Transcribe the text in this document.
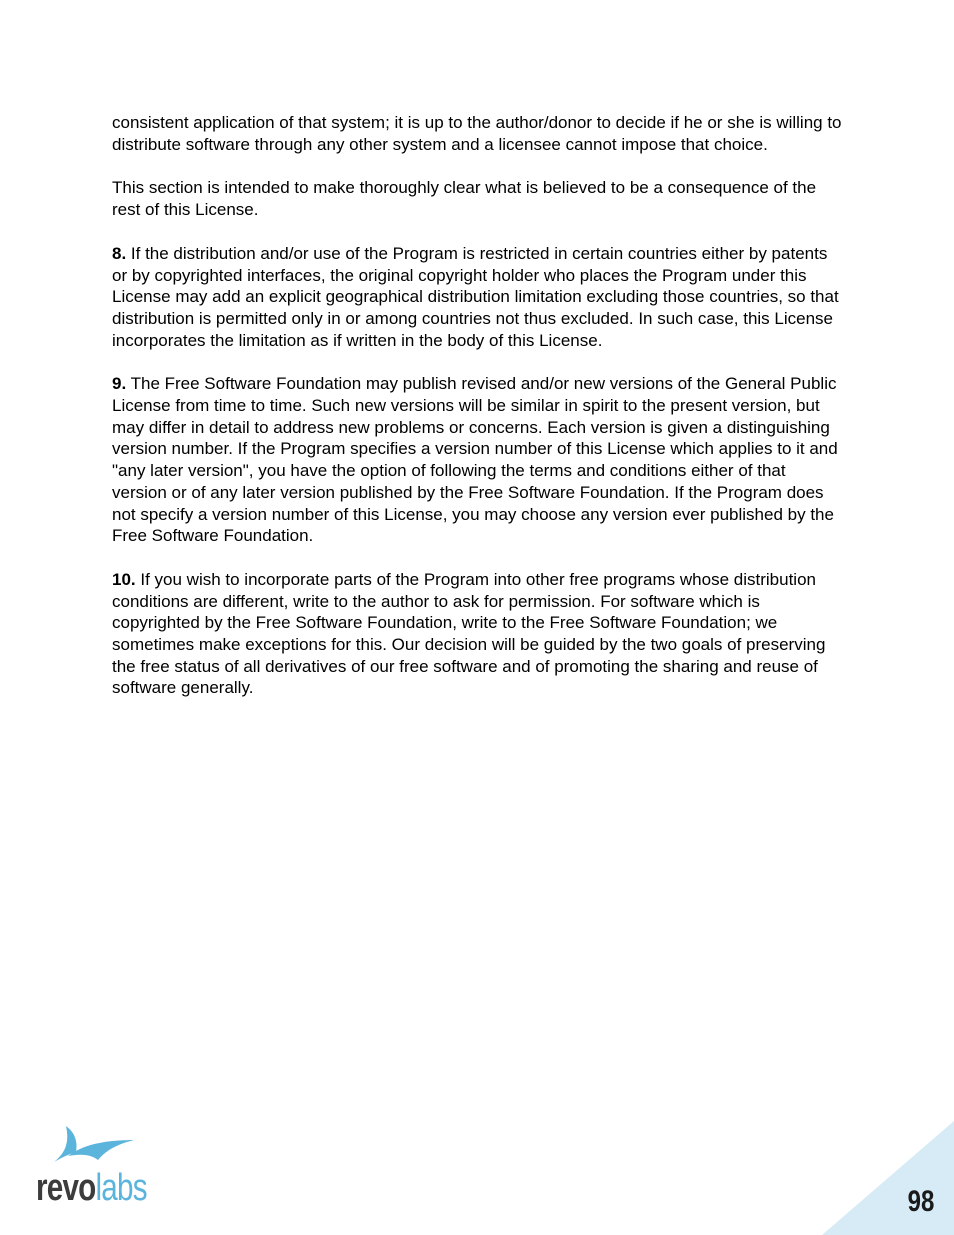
consistent application of that system; it is up to the author/donor to decide if he or she is willing to distribute software through any other system and a licensee cannot impose that choice.

This section is intended to make thoroughly clear what is believed to be a consequence of the rest of this License.

8. If the distribution and/or use of the Program is restricted in certain countries either by patents or by copyrighted interfaces, the original copyright holder who places the Program under this License may add an explicit geographical distribution limitation excluding those countries, so that distribution is permitted only in or among countries not thus excluded. In such case, this License incorporates the limitation as if written in the body of this License.

9. The Free Software Foundation may publish revised and/or new versions of the General Public License from time to time. Such new versions will be similar in spirit to the present version, but may differ in detail to address new problems or concerns. Each version is given a distinguishing version number. If the Program specifies a version number of this License which applies to it and "any later version", you have the option of following the terms and conditions either of that version or of any later version published by the Free Software Foundation. If the Program does not specify a version number of this License, you may choose any version ever published by the Free Software Foundation.

10. If you wish to incorporate parts of the Program into other free programs whose distribution conditions are different, write to the author to ask for permission. For software which is copyrighted by the Free Software Foundation, write to the Free Software Foundation; we sometimes make exceptions for this. Our decision will be guided by the two goals of preserving the free status of all derivatives of our free software and of promoting the sharing and reuse of software generally.

revolabs	98
